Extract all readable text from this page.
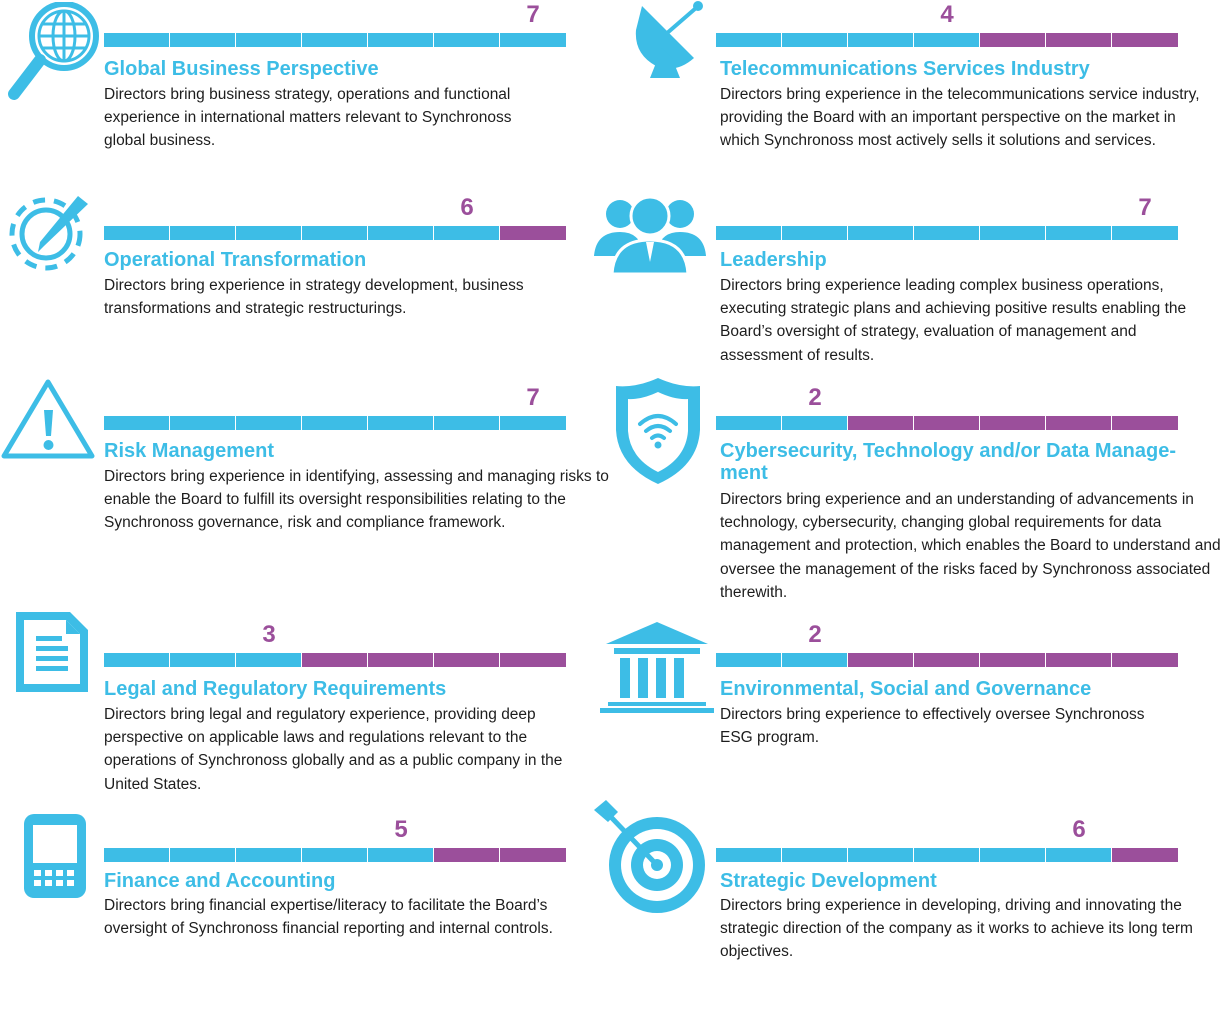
7
Global Business Perspective
Directors bring business strategy, operations and functional experience in international matters relevant to Synchronoss global business.
4
Telecommunications Services Industry
Directors bring experience in the telecommunications service industry, providing the Board with an important perspective on the market in which Synchronoss most actively sells it solutions and services.
6
Operational Transformation
Directors bring experience in strategy development, business transformations and strategic restructurings.
7
Leadership
Directors bring experience leading complex business operations, executing strategic plans and achieving positive results enabling the Board’s oversight of strategy, evaluation of management and assessment of results.
7
Risk Management
Directors bring experience in identifying, assessing and managing risks to enable the Board to fulfill its oversight responsibilities relating to the Synchronoss governance, risk and compliance framework.
2
Cybersecurity, Technology and/or Data Manage-ment
Directors bring experience and an understanding of advancements in technology, cybersecurity, changing global requirements for data management and protection, which enables the Board to understand and oversee the management of the risks faced by Synchronoss associated therewith.
3
Legal and Regulatory Requirements
Directors bring legal and regulatory experience, providing deep perspective on applicable laws and regulations relevant to the operations of Synchronoss globally and as a public company in the United States.
2
Environmental, Social and Governance
Directors bring experience to effectively oversee Synchronoss ESG program.
5
Finance and Accounting
Directors bring financial expertise/literacy to facilitate the Board’s oversight of Synchronoss financial reporting and internal controls.
6
Strategic Development
Directors bring experience in developing, driving and innovating the strategic direction of the company as it works to achieve its long term objectives.
